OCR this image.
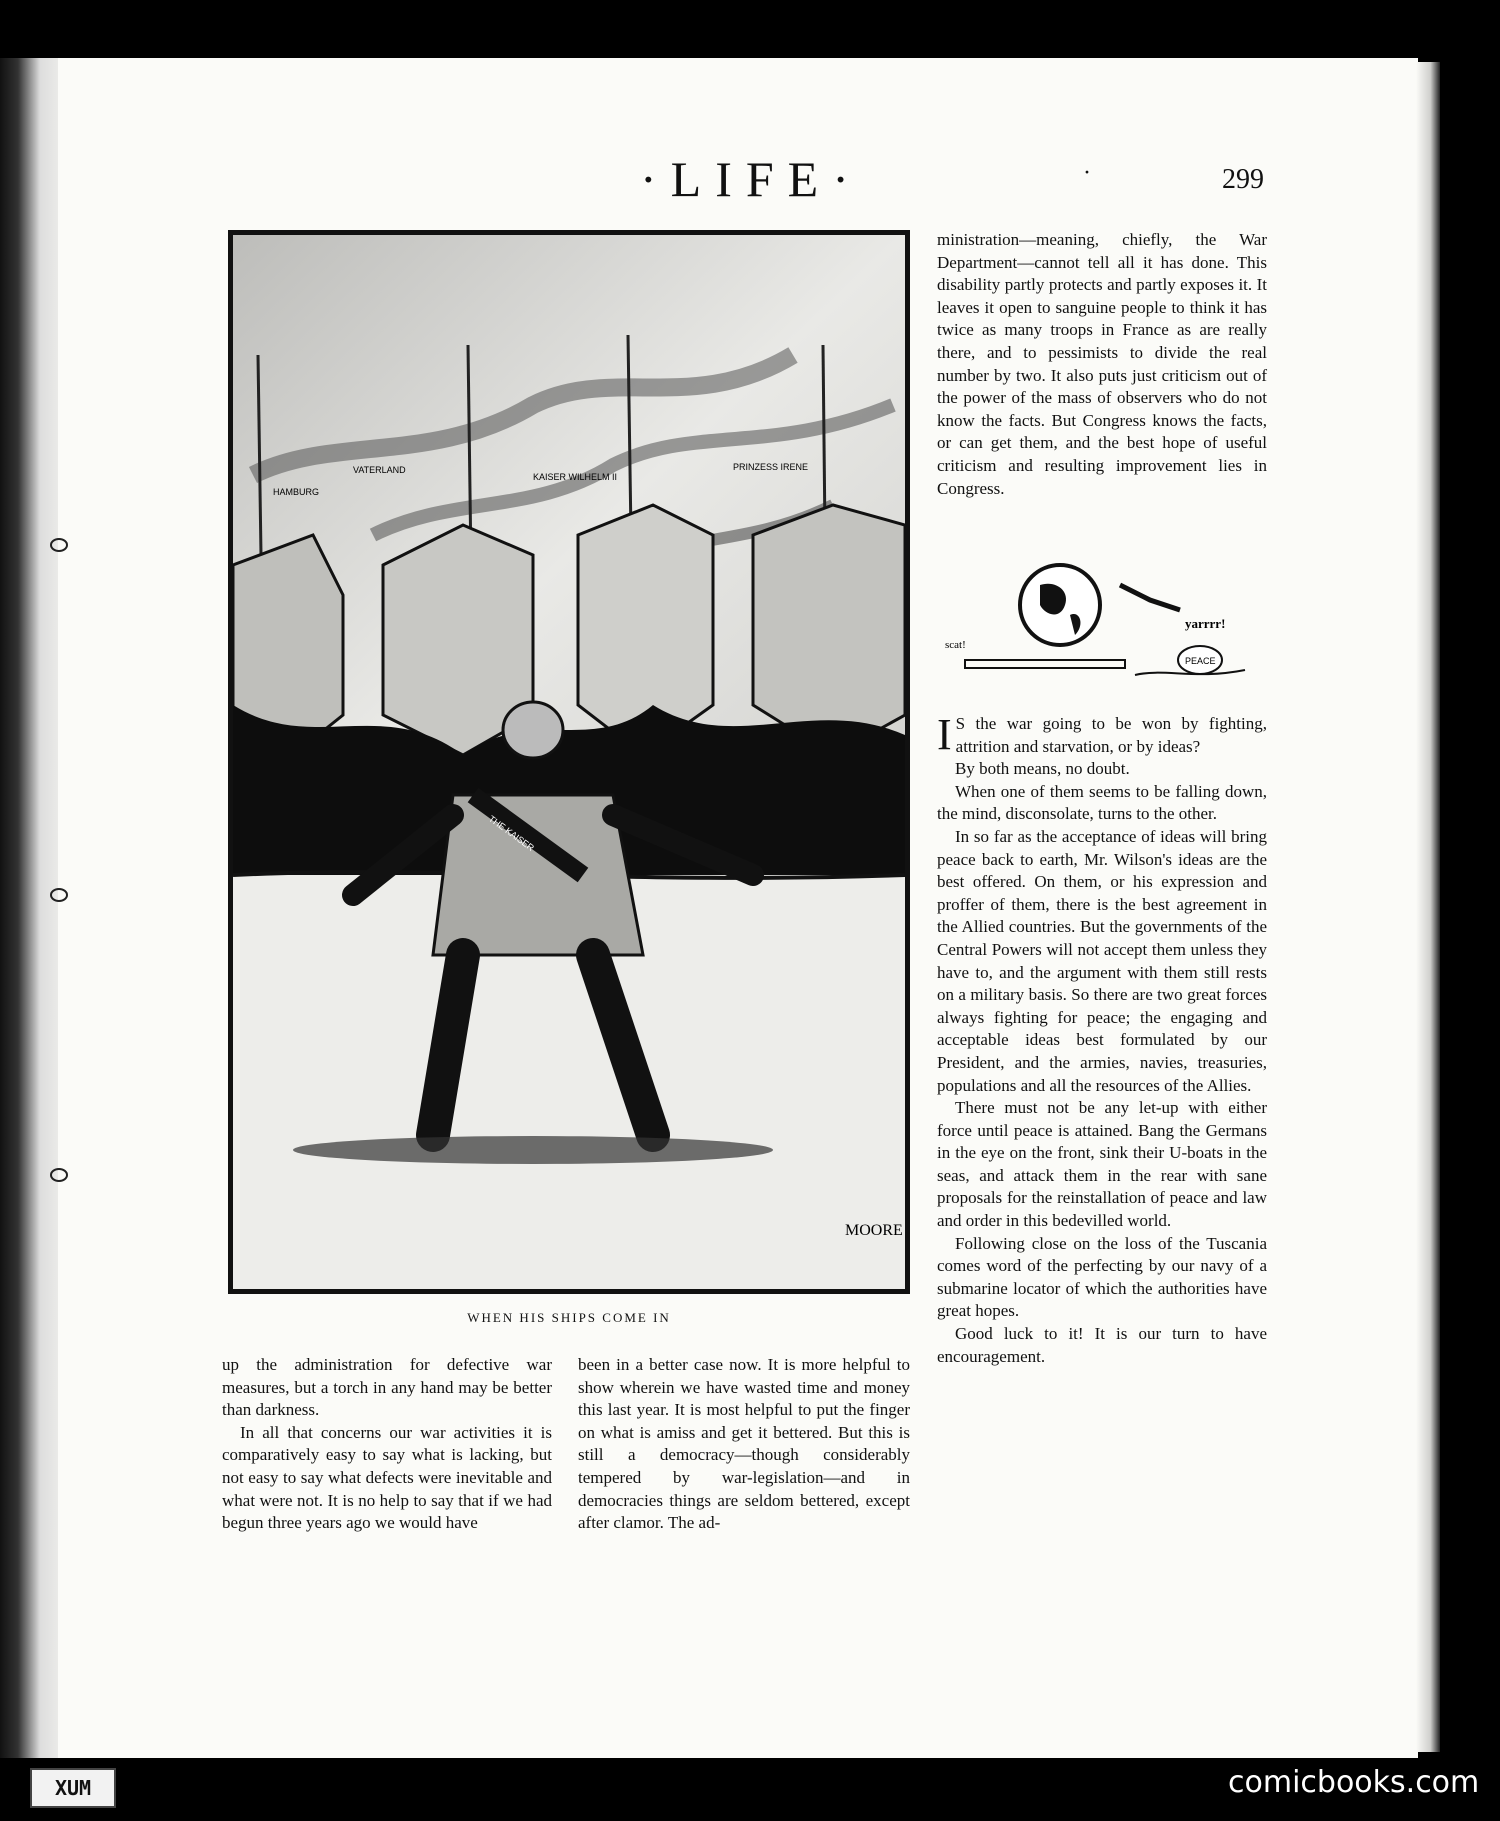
·LIFE·	·	299
HAMBURG
VATERLAND
KAISER WILHELM II
PRINZESS IRENE
THE KAISER
MOORE
WHEN HIS SHIPS COME IN

up the administration for defective war measures, but a torch in any hand may be better than darkness.

In all that concerns our war activities it is comparatively easy to say what is lacking, but not easy to say what defects were inevitable and what were not. It is no help to say that if we had begun three years ago we would have

been in a better case now. It is more helpful to show wherein we have wasted time and money this last year. It is most helpful to put the finger on what is amiss and get it bettered. But this is still a democracy—though considerably tempered by war-legislation—and in democracies things are seldom bettered, except after clamor. The ad-

ministration—meaning, chiefly, the War Department—cannot tell all it has done. This disability partly protects and partly exposes it. It leaves it open to sanguine people to think it has twice as many troops in France as are really there, and to pessimists to divide the real number by two. It also puts just criticism out of the power of the mass of observers who do not know the facts. But Congress knows the facts, or can get them, and the best hope of useful criticism and resulting improvement lies in Congress.

scat!
yarrrr!
PEACE

I S the war going to be won by fighting, attrition and starvation, or by ideas?

By both means, no doubt.

When one of them seems to be falling down, the mind, disconsolate, turns to the other.

In so far as the acceptance of ideas will bring peace back to earth, Mr. Wilson's ideas are the best offered. On them, or his expression and proffer of them, there is the best agreement in the Allied countries. But the governments of the Central Powers will not accept them unless they have to, and the argument with them still rests on a military basis. So there are two great forces always fighting for peace; the engaging and acceptable ideas best formulated by our President, and the armies, navies, treasuries, populations and all the resources of the Allies.

There must not be any let-up with either force until peace is attained. Bang the Germans in the eye on the front, sink their U-boats in the seas, and attack them in the rear with sane proposals for the reinstallation of peace and law and order in this bedevilled world.

Following close on the loss of the Tuscania comes word of the perfecting by our navy of a submarine locator of which the authorities have great hopes.

Good luck to it! It is our turn to have encouragement.

XUM	comicbooks.com
